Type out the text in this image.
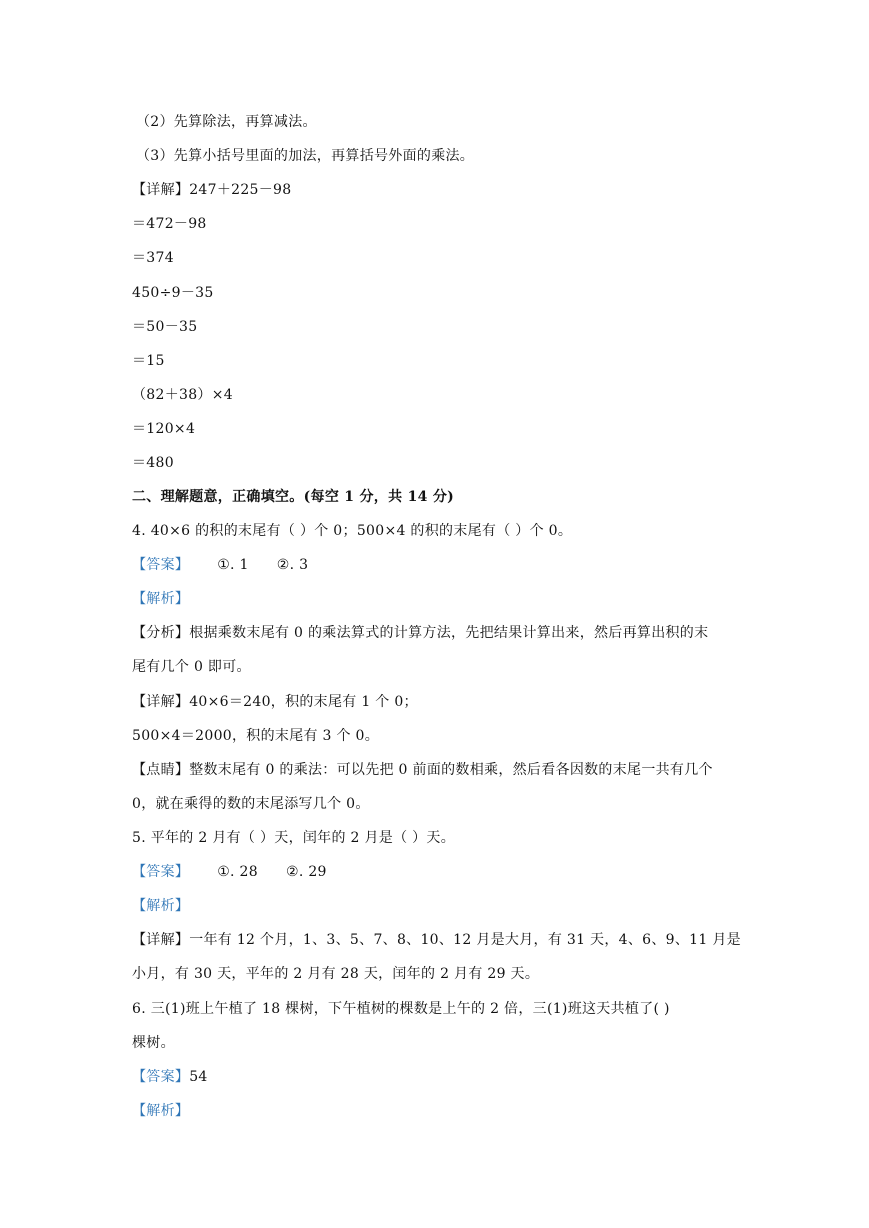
（2）先算除法，再算减法。
（3）先算小括号里面的加法，再算括号外面的乘法。
【详解】247＋225－98
＝472－98
＝374
450÷9－35
＝50－35
＝15
（82＋38）×4
＝120×4
＝480
二、理解题意，正确填空。(每空 1 分，共 14 分)
4. 40×6 的积的末尾有（ ）个 0；500×4 的积的末尾有（ ）个 0。
【答案】 ①. 1 ②. 3
【解析】
【分析】根据乘数末尾有 0 的乘法算式的计算方法，先把结果计算出来，然后再算出积的末
尾有几个 0 即可。
【详解】40×6＝240，积的末尾有 1 个 0；
500×4＝2000，积的末尾有 3 个 0。
【点睛】整数末尾有 0 的乘法：可以先把 0 前面的数相乘，然后看各因数的末尾一共有几个
0，就在乘得的数的末尾添写几个 0。
5. 平年的 2 月有（ ）天，闰年的 2 月是（ ）天。
【答案】 ①. 28 ②. 29
【解析】
【详解】一年有 12 个月，1、3、5、7、8、10、12 月是大月，有 31 天，4、6、9、11 月是
小月，有 30 天，平年的 2 月有 28 天，闰年的 2 月有 29 天。
6. 三(1)班上午植了 18 棵树，下午植树的棵数是上午的 2 倍，三(1)班这天共植了( )
棵树。
【答案】54
【解析】
